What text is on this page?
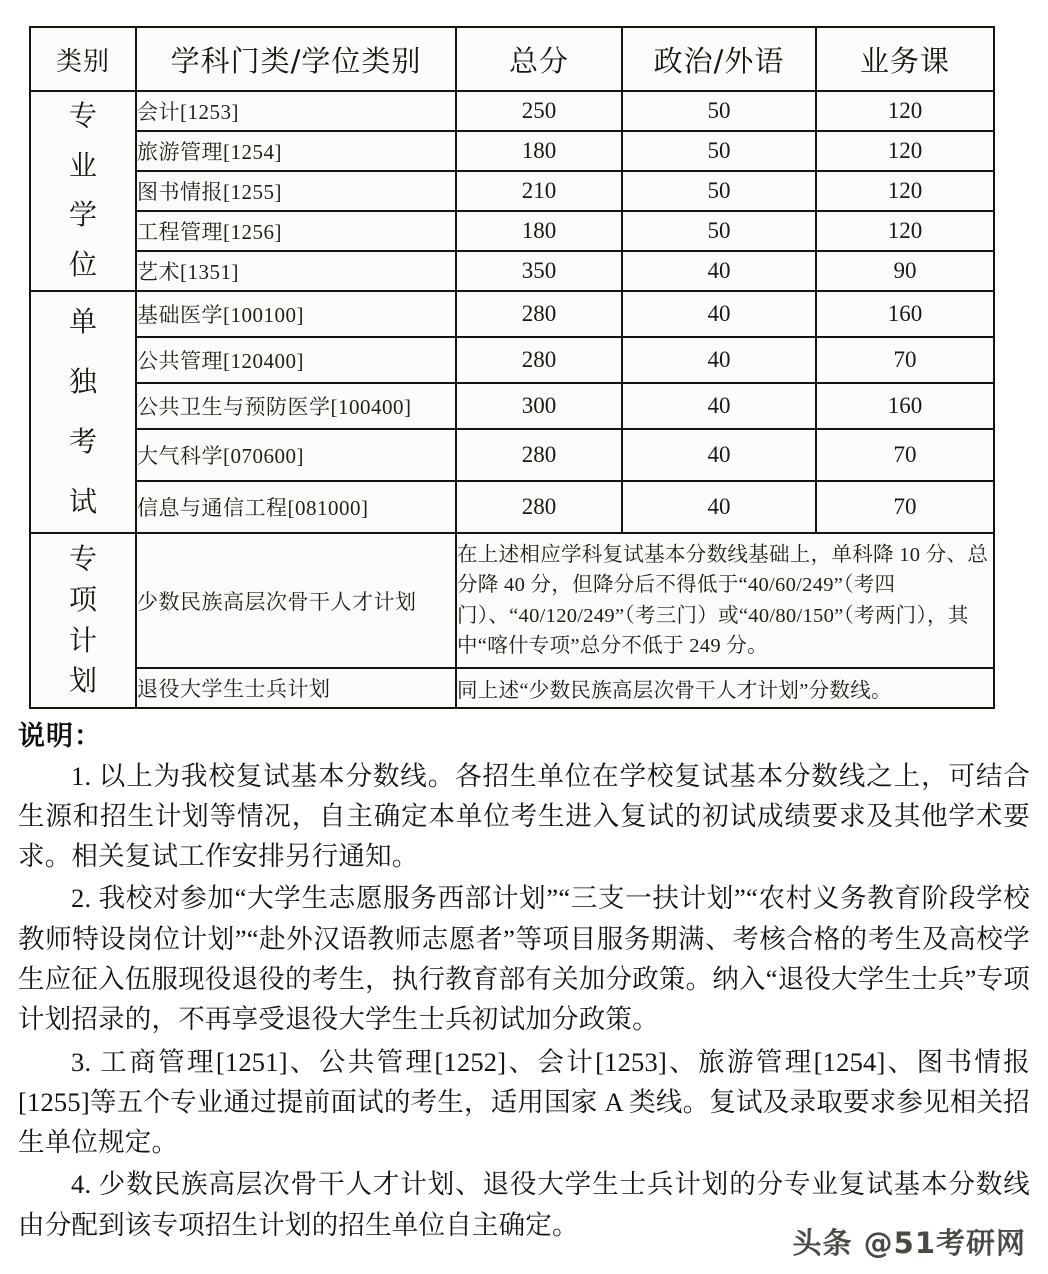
类别	学科门类/学位类别	总分	政治/外语	业务课

专
业
学
位	会计[1253]	250	50	120
	旅游管理[1254]	180	50	120
	图书情报[1255]	210	50	120
	工程管理[1256]	180	50	120
	艺术[1351]	350	40	90

单
独
考
试	基础医学[100100]	280	40	160
	公共管理[120400]	280	40	70
	公共卫生与预防医学[100400]	300	40	160
	大气科学[070600]	280	40	70
	信息与通信工程[081000]	280	40	70

专
项
计
划	少数民族高层次骨干人才计划	在上述相应学科复试基本分数线基础上，单科降 10 分、总分降 40 分，但降分后不得低于“40/60/249”（考四门）、“40/120/249”（考三门）或“40/80/150”（考两门），其中“喀什专项”总分不低于 249 分。		
	退役大学生士兵计划	同上述“少数民族高层次骨干人才计划”分数线。		
说明：

1. 以上为我校复试基本分数线。各招生单位在学校复试基本分数线之上，可结合生源和招生计划等情况，自主确定本单位考生进入复试的初试成绩要求及其他学术要求。相关复试工作安排另行通知。

2. 我校对参加“大学生志愿服务西部计划”“三支一扶计划”“农村义务教育阶段学校教师特设岗位计划”“赴外汉语教师志愿者”等项目服务期满、考核合格的考生及高校学生应征入伍服现役退役的考生，执行教育部有关加分政策。纳入“退役大学生士兵”专项计划招录的，不再享受退役大学生士兵初试加分政策。

3. 工商管理[1251]、公共管理[1252]、会计[1253]、旅游管理[1254]、图书情报[1255]等五个专业通过提前面试的考生，适用国家 A 类线。复试及录取要求参见相关招生单位规定。

4. 少数民族高层次骨干人才计划、退役大学生士兵计划的分专业复试基本分数线由分配到该专项招生计划的招生单位自主确定。

头条 @51考研网
